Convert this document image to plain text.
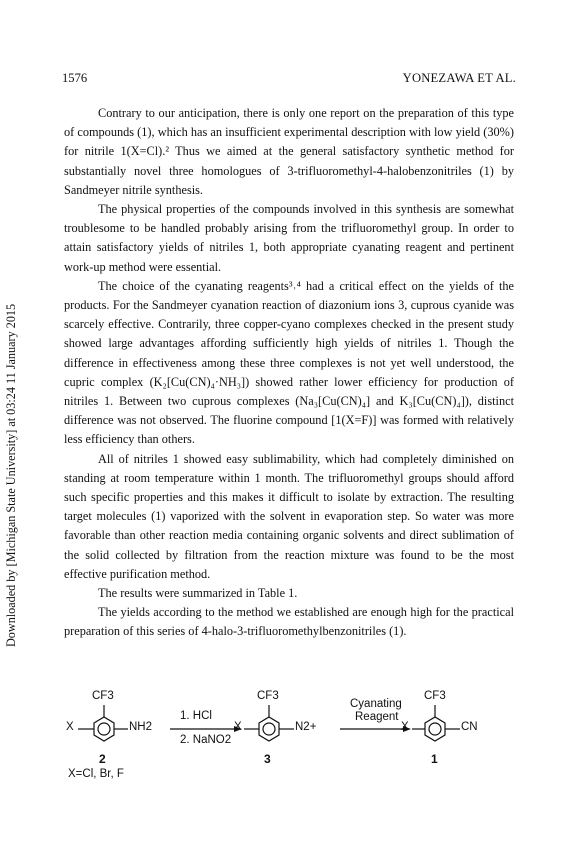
Downloaded by [Michigan State University] at 03:24 11 January 2015
1576	YONEZAWA ET AL.

Contrary to our anticipation, there is only one report on the preparation of this type of compounds (1), which has an insufficient experimental description with low yield (30%) for nitrile 1(X=Cl).² Thus we aimed at the general satisfactory synthetic method for substantially novel three homologues of 3-trifluoromethyl-4-halobenzonitriles (1) by Sandmeyer nitrile synthesis.

The physical properties of the compounds involved in this synthesis are somewhat troublesome to be handled probably arising from the trifluoromethyl group. In order to attain satisfactory yields of nitriles 1, both appropriate cyanating reagent and pertinent work-up method were essential.

The choice of the cyanating reagents³˒⁴ had a critical effect on the yields of the products. For the Sandmeyer cyanation reaction of diazonium ions 3, cuprous cyanide was scarcely effective. Contrarily, three copper-cyano complexes checked in the present study showed large advantages affording sufficiently high yields of nitriles 1. Though the difference in effectiveness among these three complexes is not yet well understood, the cupric complex (K₂[Cu(CN)₄·NH₃]) showed rather lower efficiency for production of nitriles 1. Between two cuprous complexes (Na₃[Cu(CN)₄] and K₃[Cu(CN)₄]), distinct difference was not observed. The fluorine compound [1(X=F)] was formed with relatively less efficiency than others.

All of nitriles 1 showed easy sublimability, which had completely diminished on standing at room temperature within 1 month. The trifluoromethyl groups should afford such specific properties and this makes it difficult to isolate by extraction. The resulting target molecules (1) vaporized with the solvent in evaporation step. So water was more favorable than other reaction media containing organic solvents and direct sublimation of the solid collected by filtration from the reaction mixture was found to be the most effective purification method.

The results were summarized in Table 1.

The yields according to the method we established are enough high for the practical preparation of this series of 4-halo-3-trifluoromethylbenzonitriles (1).

CF3
X	NH2
2
X=Cl, Br, F
1. HCl
2. NaNO2
CF3
X	N2+
3
Cyanating
Reagent
CF3
X	CN
1
